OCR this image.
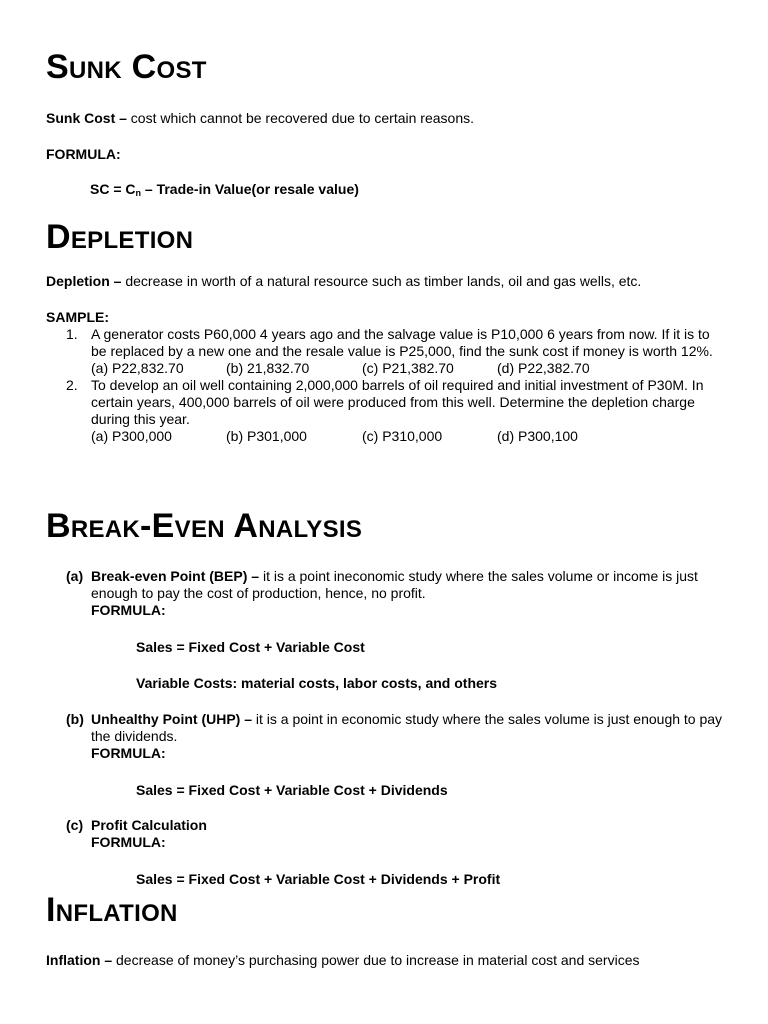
Sunk Cost

Sunk Cost – cost which cannot be recovered due to certain reasons.

FORMULA:

SC = $C_n$ – Trade-in Value(or resale value)

Depletion

Depletion – decrease in worth of a natural resource such as timber lands, oil and gas wells, etc.

SAMPLE:

1. A generator costs P60,000 4 years ago and the salvage value is P10,000 6 years from now. If it is to be replaced by a new one and the resale value is P25,000, find the sunk cost if money is worth 12%.
(a) P22,832.70	(b) 21,832.70	(c) P21,382.70	(d) P22,382.70
2. To develop an oil well containing 2,000,000 barrels of oil required and initial investment of P30M. In certain years, 400,000 barrels of oil were produced from this well. Determine the depletion charge during this year.
(a) P300,000	(b) P301,000	(c) P310,000	(d) P300,100
Break-Even Analysis
(a) Break-even Point (BEP) – it is a point ineconomic study where the sales volume or income is just enough to pay the cost of production, hence, no profit.
FORMULA:

Sales = Fixed Cost + Variable Cost

Variable Costs: material costs, labor costs, and others

(b) Unhealthy Point (UHP) – it is a point in economic study where the sales volume is just enough to pay the dividends.
FORMULA:

Sales = Fixed Cost + Variable Cost + Dividends

(c) Profit Calculation
FORMULA:

Sales = Fixed Cost + Variable Cost + Dividends + Profit

Inflation

Inflation – decrease of money’s purchasing power due to increase in material cost and services
